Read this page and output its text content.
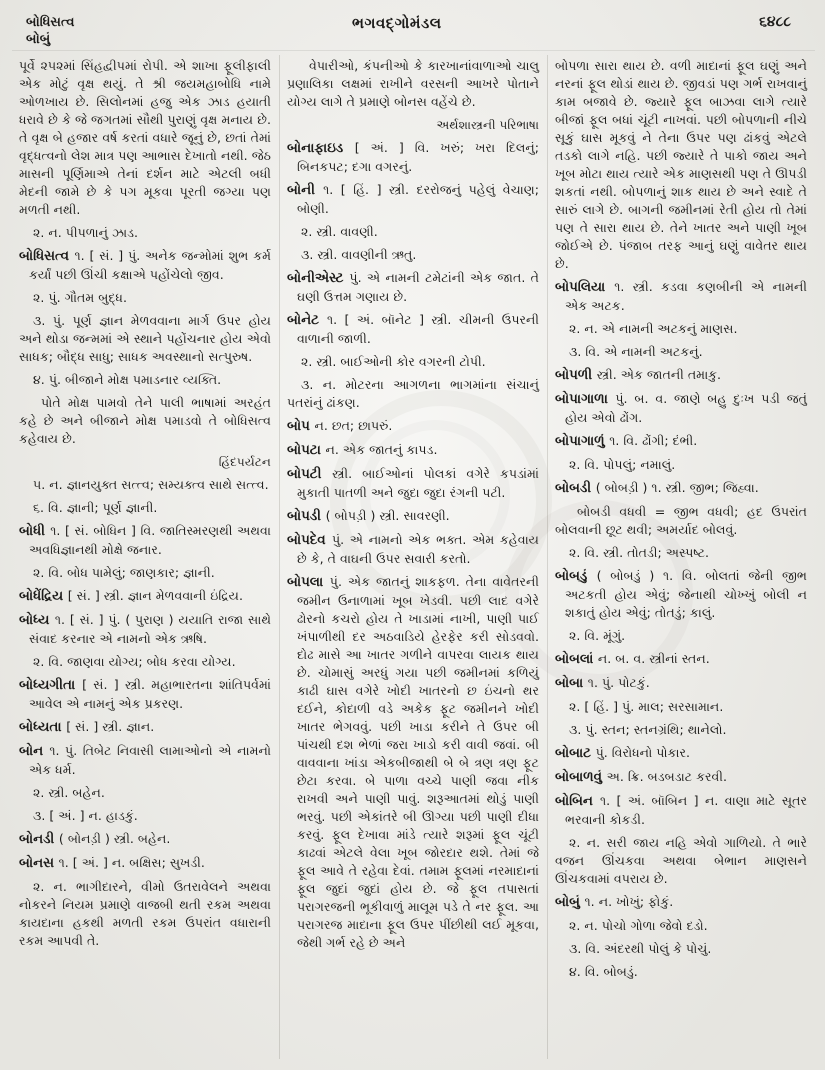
બોધિસત્વ
બોબું
ભગવદ્ગોમંડલ	૬૪૮૮

પૂર્વે ૨૫૨માં સિંહદ્વીપમાં રોપી. એ શાખા ફૂલીફાલી એક મોટું વૃક્ષ થયું. તે શ્રી જયમહાબોધિ નામે ઓળખાય છે. સિલોનમાં હજુ એક ઝાડ હયાતી ધરાવે છે કે જે જગતમાં સૌથી પુરાણું વૃક્ષ મનાય છે. તે વૃક્ષ બે હજાર વર્ષ કરતાં વધારે જૂનું છે, છતાં તેમાં વૃદ્ધત્વનો લેશ માત્ર પણ આભાસ દેખાતો નથી. જેઠ માસની પૂર્ણિમાએ તેનાં દર્શન માટે એટલી બધી મેદની જામે છે કે પગ મૂકવા પૂરતી જગ્યા પણ મળતી નથી.

૨. ન. પીપળાનું ઝાડ.

બોધિસત્વ ૧. [ સં. ] પું. અનેક જન્મોમાં શુભ કર્મ કર્યાં પછી ઊંચી કક્ષાએ પહોંચેલો જીવ.

૨. પું. ગૌતમ બુદ્ધ.

૩. પું. પૂર્ણ જ્ઞાન મેળવવાના માર્ગ ઉપર હોય અને થોડા જન્મમાં એ સ્થાને પહોંચનાર હોય એવો સાધક; બૌદ્ધ સાધુ; સાધક અવસ્થાનો સત્પુરુષ.

૪. પું. બીજાને મોક્ષ પમાડનાર વ્યક્તિ.

પોતે મોક્ષ પામવો તેને પાલી ભાષામાં અરહંત કહે છે અને બીજાને મોક્ષ પમાડવો તે બોધિસત્વ કહેવાય છે.

હિંદપર્યટન

૫. ન. જ્ઞાનયુક્ત સત્ત્વ; સમ્યક્ત્વ સાથે સત્ત્વ.

૬. વિ. જ્ઞાની; પૂર્ણ જ્ઞાની.

બોધી ૧. [ સં. બોધિન ] વિ. જાતિસ્મરણથી અથવા અવધિજ્ઞાનથી મોક્ષે જનાર.

૨. વિ. બોધ પામેલું; જાણકાર; જ્ઞાની.

બોધેંદ્રિય [ સં. ] સ્ત્રી. જ્ઞાન મેળવવાની ઇંદ્રિય.

બોધ્ય ૧. [ સં. ] પું. ( પુરાણ ) યયાતિ રાજા સાથે સંવાદ કરનાર એ નામનો એક ઋષિ.

૨. વિ. જાણવા યોગ્ય; બોધ કરવા યોગ્ય.

બોધ્યગીતા [ સં. ] સ્ત્રી. મહાભારતના શાંતિપર્વમાં આવેલ એ નામનું એક પ્રકરણ.

બોધ્યતા [ સં. ] સ્ત્રી. જ્ઞાન.

બોન ૧. પું. તિબેટ નિવાસી લામાઓનો એ નામનો એક ધર્મ.

૨. સ્ત્રી. બહેન.

૩. [ અં. ] ન. હાડકું.

બોનડી ( બોનડ઼ી ) સ્ત્રી. બહેન.

બોનસ ૧. [ અં. ] ન. બક્ષિસ; સુખડી.

૨. ન. ભાગીદારને, વીમો ઉતરાવેલને અથવા નોકરને નિયમ પ્રમાણે વાજબી થતી રકમ અથવા કાયદાના હકથી મળતી રકમ ઉપરાંત વધારાની રકમ આપવી તે.

વેપારીઓ, કંપનીઓ કે કારખાનાંવાળાઓ ચાલુ પ્રણાલિકા લક્ષમાં રાખીને વરસની આખરે પોતાને યોગ્ય લાગે તે પ્રમાણે બોનસ વહેંચે છે.

અર્થશાસ્ત્રની પરિભાષા

બોનાફાઇડ [ અં. ] વિ. ખરું; ખરા દિલનું; બિનકપટ; દગા વગરનું.

બોની ૧. [ હિં. ] સ્ત્રી. દરરોજનું પહેલું વેચાણ; બોણી.

૨. સ્ત્રી. વાવણી.

૩. સ્ત્રી. વાવણીની ઋતુ.

બોનીએસ્ટ પું. એ નામની ટમેટાંની એક જાત. તે ઘણી ઉત્તમ ગણાય છે.

બોનેટ ૧. [ અં. બૉનેટ ] સ્ત્રી. ચીમની ઉપરની વાળાની જાળી.

૨. સ્ત્રી. બાઈઓની કોર વગરની ટોપી.

૩. ન. મોટરના આગળના ભાગમાંના સંચાનું પતરાંનું ઢાંકણ.

બોપ ન. છત; છાપરું.

બોપટા ન. એક જાતનું કાપડ.

બોપટી સ્ત્રી. બાઈઓનાં પોલકાં વગેરે કપડાંમાં મુકાતી પાતળી અને જુદા જુદા રંગની પટી.

બોપડી ( બોપડ઼ી ) સ્ત્રી. સાવરણી.

બોપદેવ પું. એ નામનો એક ભક્ત. એમ કહેવાય છે કે, તે વાઘની ઉપર સવારી કરતો.

બોપલા પું. એક જાતનું શાકફળ. તેના વાવેતરની જમીન ઉનાળામાં ખૂબ ખેડવી. પછી લાદ વગેરે ઢોરનો કચરો હોય તે ખાડામાં નાખી, પાણી પાઈ ખંપાળીથી દર અઠવાડિયે હેરફેર કરી સોડવવો. દોઢ માસે આ ખાતર ગળીને વાપરવા લાયક થાય છે. ચોમાસું અરધું ગયા પછી જમીનમાં કળિયું કાઢી ઘાસ વગેરે ખોદી ખાતરનો છ ઇંચનો થર દઈને, કોદાળી વડે અકેક ફૂટ જમીનને ખોદી ખાતર ભેગવવું. પછી ખાડા કરીને તે ઉપર બી પાંચથી દશ ભેળાં જરા ખાડો કરી વાવી જવાં. બી વાવવાના ખાંડા એકબીજાથી બે બે ત્રણ ત્રણ ફૂટ છેટા કરવા. બે પાળા વચ્ચે પાણી જવા નીક રાખવી અને પાણી પાવું. શરૂઆતમાં થોડું પાણી ભરવું. પછી એકાંતરે બી ઊગ્યા પછી પાણી દીધા કરવું. ફૂલ દેખાવા માંડે ત્યારે શરૂમાં ફૂલ ચૂંટી કાઢવાં એટલે વેલા ખૂબ જોરદાર થશે. તેમાં જે ફૂલ આવે તે રહેવા દેવાં. તમામ ફૂલમાં નરમાદાનાં ફૂલ જુદાં જુદાં હોય છે. જે ફૂલ તપાસતાં પરાગરજની ભૂકીવાળું માલૂમ પડે તે નર ફૂલ. આ પરાગરજ માદાના ફૂલ ઉપર પીંછીથી લઈ મૂકવા, જેથી ગર્ભ રહે છે અને

બોપળા સારા થાય છે. વળી માદાનાં ફૂલ ઘણું અને નરનાં ફૂલ થોડાં થાય છે. જીવડાં પણ ગર્ભ રાખવાનું કામ બજાવે છે. જ્યારે ફૂલ બાઝવા લાગે ત્યારે બીજાં ફૂલ બધાં ચૂંટી નાખવાં. પછી બોપળાની નીચે સૂકું ઘાસ મૂકવું ને તેના ઉપર પણ ઢાંકવું એટલે તડકો લાગે નહિ. પછી જ્યારે તે પાકો જાય અને ખૂબ મોટા થાય ત્યારે એક માણસથી પણ તે ઊપડી શકતાં નથી. બોપળાનું શાક થાય છે અને સ્વાદે તે સારું લાગે છે. બાગની જમીનમાં રેતી હોય તો તેમાં પણ તે સારા થાય છે. તેને ખાતર અને પાણી ખૂબ જોઈએ છે. પંજાબ તરફ આનું ઘણું વાવેતર થાય છે.

બોપલિયા ૧. સ્ત્રી. કડવા કણબીની એ નામની એક અટક.

૨. ન. એ નામની અટકનું માણસ.

૩. વિ. એ નામની અટકનું.

બોપળી સ્ત્રી. એક જાતની તમાકુ.

બોપાગાળા પું. બ. વ. જાણે બહુ દુઃખ પડી જતું હોય એવો ઢોંગ.

બોપાગાળું ૧. વિ. ઢોંગી; દંભી.

૨. વિ. પોપલું; નમાલું.

બોબડી ( બોબડ઼ી ) ૧. સ્ત્રી. જીભ; જિહ્વા.

બોબડી વધવી = જીભ વધવી; હદ ઉપરાંત બોલવાની છૂટ થવી; અમર્યાદ બોલવું.

૨. વિ. સ્ત્રી. તોતડી; અસ્પષ્ટ.

બોબડું ( બોબડ઼ું ) ૧. વિ. બોલતાં જેની જીભ અટકતી હોય એવું; જેનાથી ચોખ્ખું બોલી ન શકાતું હોય એવું; તોતડું; કાલું.

૨. વિ. મૂંગું.

બોબલાં ન. બ. વ. સ્ત્રીનાં સ્તન.

બોબા ૧. પું. પોટકું.

૨. [ હિં. ] પું. માલ; સરસામાન.

૩. પું. સ્તન; સ્તનગ્રંથિ; થાનેલો.

બોબાટ પું. વિરોધનો પોકાર.

બોબાળવું અ. ક્રિ. બડબડાટ કરવી.

બોબિન ૧. [ અં. બૉબિન ] ન. વાણા માટે સૂતર ભરવાની કોકડી.

૨. ન. સરી જાય નહિ એવો ગાળિયો. તે ભારે વજન ઊંચકવા અથવા બેભાન માણસને ઊંચકવામાં વપરાય છે.

બોબું ૧. ન. ખોખું; ફોકું.

૨. ન. પોચો ગોળા જેવો દડો.

૩. વિ. અંદરથી પોલું કે પોચું.

૪. વિ. બોબડું.
